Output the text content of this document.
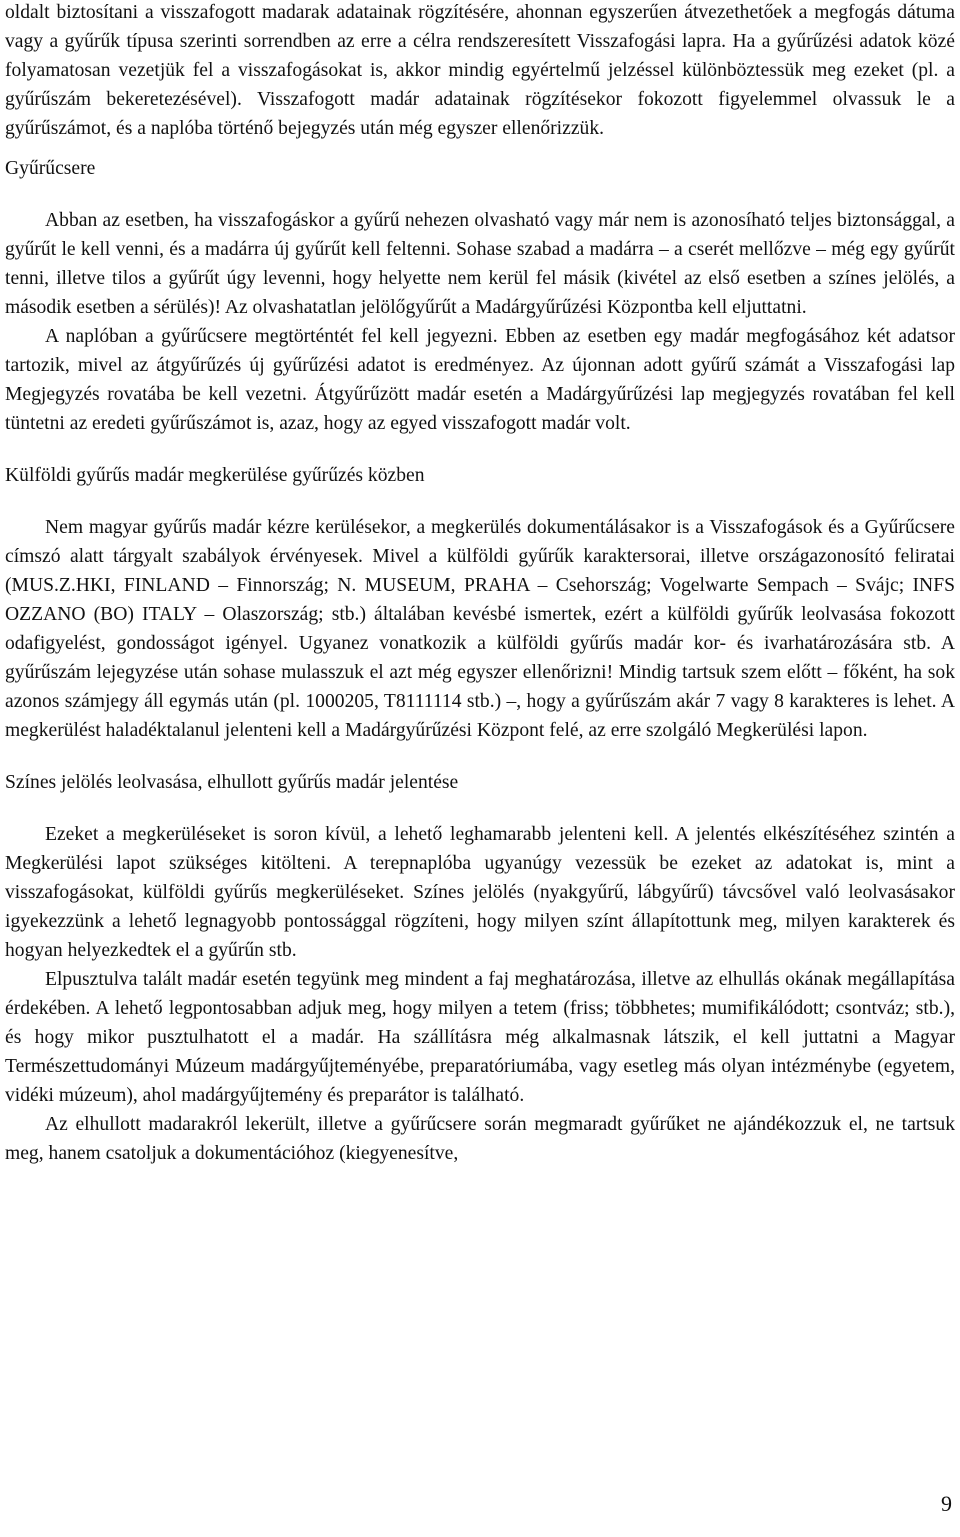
oldalt biztosítani a visszafogott madarak adatainak rögzítésére, ahonnan egyszerűen átvezethetőek a megfogás dátuma vagy a gyűrűk típusa szerinti sorrendben az erre a célra rendszeresített Visszafogási lapra. Ha a gyűrűzési adatok közé folyamatosan vezetjük fel a visszafogásokat is, akkor mindig egyértelmű jelzéssel különböztessük meg ezeket (pl. a gyűrűszám bekeretezésével). Visszafogott madár adatainak rögzítésekor fokozott figyelemmel olvassuk le a gyűrűszámot, és a naplóba történő bejegyzés után még egyszer ellenőrizzük.

Gyűrűcsere

Abban az esetben, ha visszafogáskor a gyűrű nehezen olvasható vagy már nem is azonosíható teljes biztonsággal, a gyűrűt le kell venni, és a madárra új gyűrűt kell feltenni. Sohase szabad a madárra – a cserét mellőzve – még egy gyűrűt tenni, illetve tilos a gyűrűt úgy levenni, hogy helyette nem kerül fel másik (kivétel az első esetben a színes jelölés, a második esetben a sérülés)! Az olvashatatlan jelölőgyűrűt a Madárgyűrűzési Központba kell eljuttatni.

A naplóban a gyűrűcsere megtörténtét fel kell jegyezni. Ebben az esetben egy madár megfogásához két adatsor tartozik, mivel az átgyűrűzés új gyűrűzési adatot is eredményez. Az újonnan adott gyűrű számát a Visszafogási lap Megjegyzés rovatába be kell vezetni. Átgyűrűzött madár esetén a Madárgyűrűzési lap megjegyzés rovatában fel kell tüntetni az eredeti gyűrűszámot is, azaz, hogy az egyed visszafogott madár volt.

Külföldi gyűrűs madár megkerülése gyűrűzés közben

Nem magyar gyűrűs madár kézre kerülésekor, a megkerülés dokumentálásakor is a Visszafogások és a Gyűrűcsere címszó alatt tárgyalt szabályok érvényesek. Mivel a külföldi gyűrűk karaktersorai, illetve országazonosító feliratai (MUS.Z.HKI, FINLAND – Finnország; N. MUSEUM, PRAHA – Csehország; Vogelwarte Sempach – Svájc; INFS OZZANO (BO) ITALY – Olaszország; stb.) általában kevésbé ismertek, ezért a külföldi gyűrűk leolvasása fokozott odafigyelést, gondosságot igényel. Ugyanez vonatkozik a külföldi gyűrűs madár kor- és ivarhatározására stb. A gyűrűszám lejegyzése után sohase mulasszuk el azt még egyszer ellenőrizni! Mindig tartsuk szem előtt – főként, ha sok azonos számjegy áll egymás után (pl. 1000205, T8111114 stb.) –, hogy a gyűrűszám akár 7 vagy 8 karakteres is lehet. A megkerülést haladéktalanul jelenteni kell a Madárgyűrűzési Központ felé, az erre szolgáló Megkerülési lapon.

Színes jelölés leolvasása, elhullott gyűrűs madár jelentése

Ezeket a megkerüléseket is soron kívül, a lehető leghamarabb jelenteni kell. A jelentés elkészítéséhez szintén a Megkerülési lapot szükséges kitölteni. A terepnaplóba ugyanúgy vezessük be ezeket az adatokat is, mint a visszafogásokat, külföldi gyűrűs megkerüléseket. Színes jelölés (nyakgyűrű, lábgyűrű) távcsővel való leolvasásakor igyekezzünk a lehető legnagyobb pontossággal rögzíteni, hogy milyen színt állapítottunk meg, milyen karakterek és hogyan helyezkedtek el a gyűrűn stb.

Elpusztulva talált madár esetén tegyünk meg mindent a faj meghatározása, illetve az elhullás okának megállapítása érdekében. A lehető legpontosabban adjuk meg, hogy milyen a tetem (friss; többhetes; mumifikálódott; csontváz; stb.), és hogy mikor pusztulhatott el a madár. Ha szállításra még alkalmasnak látszik, el kell juttatni a Magyar Természettudományi Múzeum madárgyűjteményébe, preparatóriumába, vagy esetleg más olyan intézménybe (egyetem, vidéki múzeum), ahol madárgyűjtemény és preparátor is található.

Az elhullott madarakról lekerült, illetve a gyűrűcsere során megmaradt gyűrűket ne ajándékozzuk el, ne tartsuk meg, hanem csatoljuk a dokumentációhoz (kiegyenesítve,

9
